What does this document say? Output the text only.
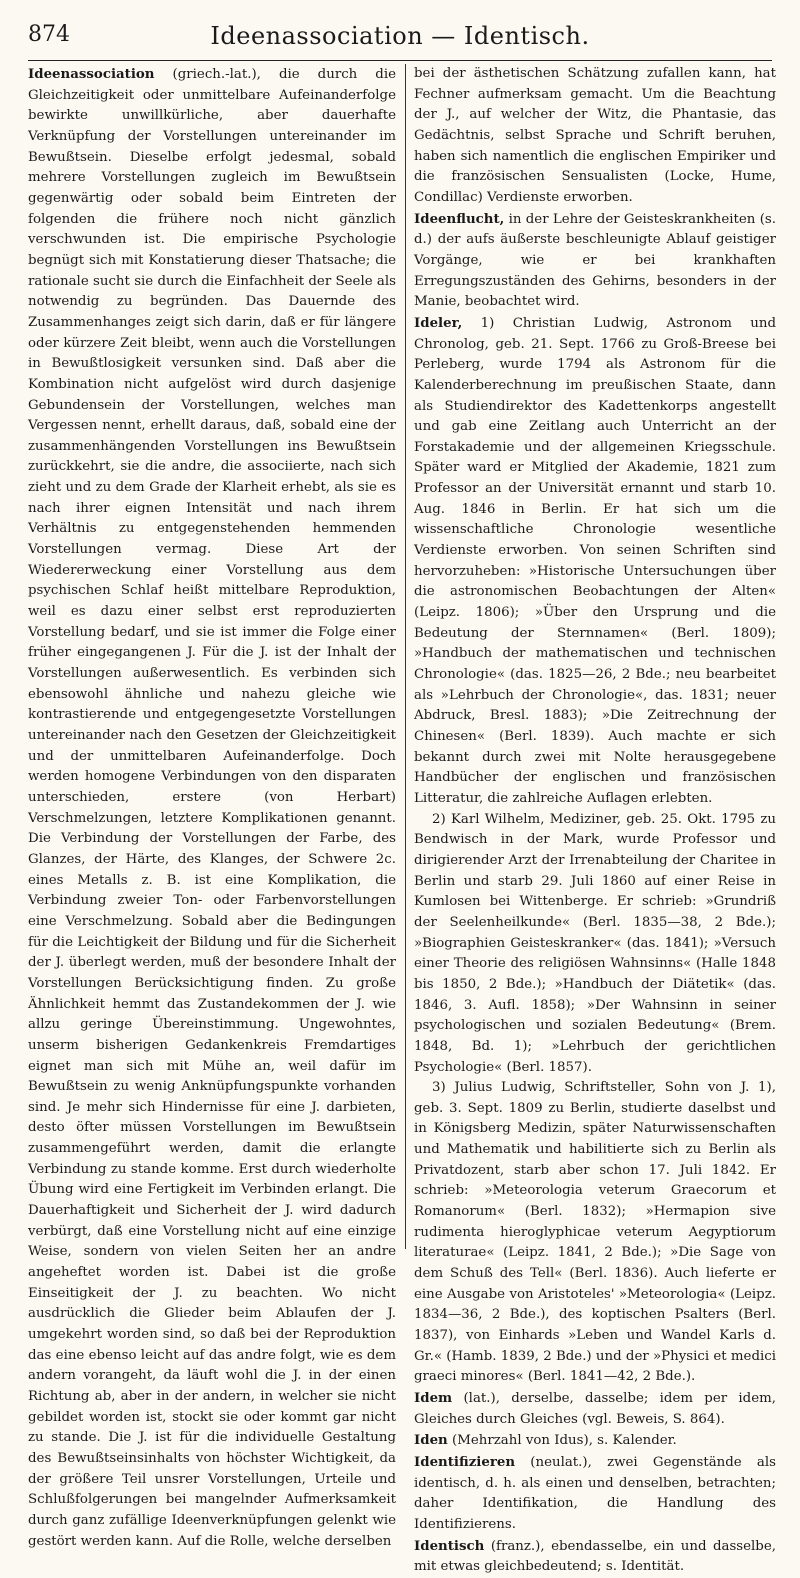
874	Ideenassociation — Identisch.

Ideenassociation (griech.-lat.), die durch die Gleichzeitigkeit oder unmittelbare Aufeinanderfolge bewirkte unwillkürliche, aber dauerhafte Verknüpfung der Vorstellungen untereinander im Bewußtsein. Dieselbe erfolgt jedesmal, sobald mehrere Vorstellungen zugleich im Bewußtsein gegenwärtig oder sobald beim Eintreten der folgenden die frühere noch nicht gänzlich verschwunden ist. Die empirische Psychologie begnügt sich mit Konstatierung dieser Thatsache; die rationale sucht sie durch die Einfachheit der Seele als notwendig zu begründen. Das Dauernde des Zusammenhanges zeigt sich darin, daß er für längere oder kürzere Zeit bleibt, wenn auch die Vorstellungen in Bewußtlosigkeit versunken sind. Daß aber die Kombination nicht aufgelöst wird durch dasjenige Gebundensein der Vorstellungen, welches man Vergessen nennt, erhellt daraus, daß, sobald eine der zusammenhängenden Vorstellungen ins Bewußtsein zurückkehrt, sie die andre, die associierte, nach sich zieht und zu dem Grade der Klarheit erhebt, als sie es nach ihrer eignen Intensität und nach ihrem Verhältnis zu entgegenstehenden hemmenden Vorstellungen vermag. Diese Art der Wiedererweckung einer Vorstellung aus dem psychischen Schlaf heißt mittelbare Reproduktion, weil es dazu einer selbst erst reproduzierten Vorstellung bedarf, und sie ist immer die Folge einer früher eingegangenen J. Für die J. ist der Inhalt der Vorstellungen außerwesentlich. Es verbinden sich ebensowohl ähnliche und nahezu gleiche wie kontrastierende und entgegengesetzte Vorstellungen untereinander nach den Gesetzen der Gleichzeitigkeit und der unmittelbaren Aufeinanderfolge. Doch werden homogene Verbindungen von den disparaten unterschieden, erstere (von Herbart) Verschmelzungen, letztere Komplikationen genannt. Die Verbindung der Vorstellungen der Farbe, des Glanzes, der Härte, des Klanges, der Schwere 2c. eines Metalls z. B. ist eine Komplikation, die Verbindung zweier Ton- oder Farbenvorstellungen eine Verschmelzung. Sobald aber die Bedingungen für die Leichtigkeit der Bildung und für die Sicherheit der J. überlegt werden, muß der besondere Inhalt der Vorstellungen Berücksichtigung finden. Zu große Ähnlichkeit hemmt das Zustandekommen der J. wie allzu geringe Übereinstimmung. Ungewohntes, unserm bisherigen Gedankenkreis Fremdartiges eignet man sich mit Mühe an, weil dafür im Bewußtsein zu wenig Anknüpfungspunkte vorhanden sind. Je mehr sich Hindernisse für eine J. darbieten, desto öfter müssen Vorstellungen im Bewußtsein zusammengeführt werden, damit die erlangte Verbindung zu stande komme. Erst durch wiederholte Übung wird eine Fertigkeit im Verbinden erlangt. Die Dauerhaftigkeit und Sicherheit der J. wird dadurch verbürgt, daß eine Vorstellung nicht auf eine einzige Weise, sondern von vielen Seiten her an andre angeheftet worden ist. Dabei ist die große Einseitigkeit der J. zu beachten. Wo nicht ausdrücklich die Glieder beim Ablaufen der J. umgekehrt worden sind, so daß bei der Reproduktion das eine ebenso leicht auf das andre folgt, wie es dem andern vorangeht, da läuft wohl die J. in der einen Richtung ab, aber in der andern, in welcher sie nicht gebildet worden ist, stockt sie oder kommt gar nicht zu stande. Die J. ist für die individuelle Gestaltung des Bewußtseinsinhalts von höchster Wichtigkeit, da der größere Teil unsrer Vorstellungen, Urteile und Schlußfolgerungen bei mangelnder Aufmerksamkeit durch ganz zufällige Ideenverknüpfungen gelenkt wie gestört werden kann. Auf die Rolle, welche derselben

bei der ästhetischen Schätzung zufallen kann, hat Fechner aufmerksam gemacht. Um die Beachtung der J., auf welcher der Witz, die Phantasie, das Gedächtnis, selbst Sprache und Schrift beruhen, haben sich namentlich die englischen Empiriker und die französischen Sensualisten (Locke, Hume, Condillac) Verdienste erworben.

Ideenflucht, in der Lehre der Geisteskrankheiten (s. d.) der aufs äußerste beschleunigte Ablauf geistiger Vorgänge, wie er bei krankhaften Erregungszuständen des Gehirns, besonders in der Manie, beobachtet wird.

Ideler, 1) Christian Ludwig, Astronom und Chronolog, geb. 21. Sept. 1766 zu Groß-Breese bei Perleberg, wurde 1794 als Astronom für die Kalenderberechnung im preußischen Staate, dann als Studiendirektor des Kadettenkorps angestellt und gab eine Zeitlang auch Unterricht an der Forstakademie und der allgemeinen Kriegsschule. Später ward er Mitglied der Akademie, 1821 zum Professor an der Universität ernannt und starb 10. Aug. 1846 in Berlin. Er hat sich um die wissenschaftliche Chronologie wesentliche Verdienste erworben. Von seinen Schriften sind hervorzuheben: »Historische Untersuchungen über die astronomischen Beobachtungen der Alten« (Leipz. 1806); »Über den Ursprung und die Bedeutung der Sternnamen« (Berl. 1809); »Handbuch der mathematischen und technischen Chronologie« (das. 1825—26, 2 Bde.; neu bearbeitet als »Lehrbuch der Chronologie«, das. 1831; neuer Abdruck, Bresl. 1883); »Die Zeitrechnung der Chinesen« (Berl. 1839). Auch machte er sich bekannt durch zwei mit Nolte herausgegebene Handbücher der englischen und französischen Litteratur, die zahlreiche Auflagen erlebten.

2) Karl Wilhelm, Mediziner, geb. 25. Okt. 1795 zu Bendwisch in der Mark, wurde Professor und dirigierender Arzt der Irrenabteilung der Charitee in Berlin und starb 29. Juli 1860 auf einer Reise in Kumlosen bei Wittenberge. Er schrieb: »Grundriß der Seelenheilkunde« (Berl. 1835—38, 2 Bde.); »Biographien Geisteskranker« (das. 1841); »Versuch einer Theorie des religiösen Wahnsinns« (Halle 1848 bis 1850, 2 Bde.); »Handbuch der Diätetik« (das. 1846, 3. Aufl. 1858); »Der Wahnsinn in seiner psychologischen und sozialen Bedeutung« (Brem. 1848, Bd. 1); »Lehrbuch der gerichtlichen Psychologie« (Berl. 1857).

3) Julius Ludwig, Schriftsteller, Sohn von J. 1), geb. 3. Sept. 1809 zu Berlin, studierte daselbst und in Königsberg Medizin, später Naturwissenschaften und Mathematik und habilitierte sich zu Berlin als Privatdozent, starb aber schon 17. Juli 1842. Er schrieb: »Meteorologia veterum Graecorum et Romanorum« (Berl. 1832); »Hermapion sive rudimenta hieroglyphicae veterum Aegyptiorum literaturae« (Leipz. 1841, 2 Bde.); »Die Sage von dem Schuß des Tell« (Berl. 1836). Auch lieferte er eine Ausgabe von Aristoteles' »Meteorologia« (Leipz. 1834—36, 2 Bde.), des koptischen Psalters (Berl. 1837), von Einhards »Leben und Wandel Karls d. Gr.« (Hamb. 1839, 2 Bde.) und der »Physici et medici graeci minores« (Berl. 1841—42, 2 Bde.).

Idem (lat.), derselbe, dasselbe; idem per idem, Gleiches durch Gleiches (vgl. Beweis, S. 864).

Iden (Mehrzahl von Idus), s. Kalender.

Identifizieren (neulat.), zwei Gegenstände als identisch, d. h. als einen und denselben, betrachten; daher Identifikation, die Handlung des Identifizierens.

Identisch (franz.), ebendasselbe, ein und dasselbe, mit etwas gleichbedeutend; s. Identität.
